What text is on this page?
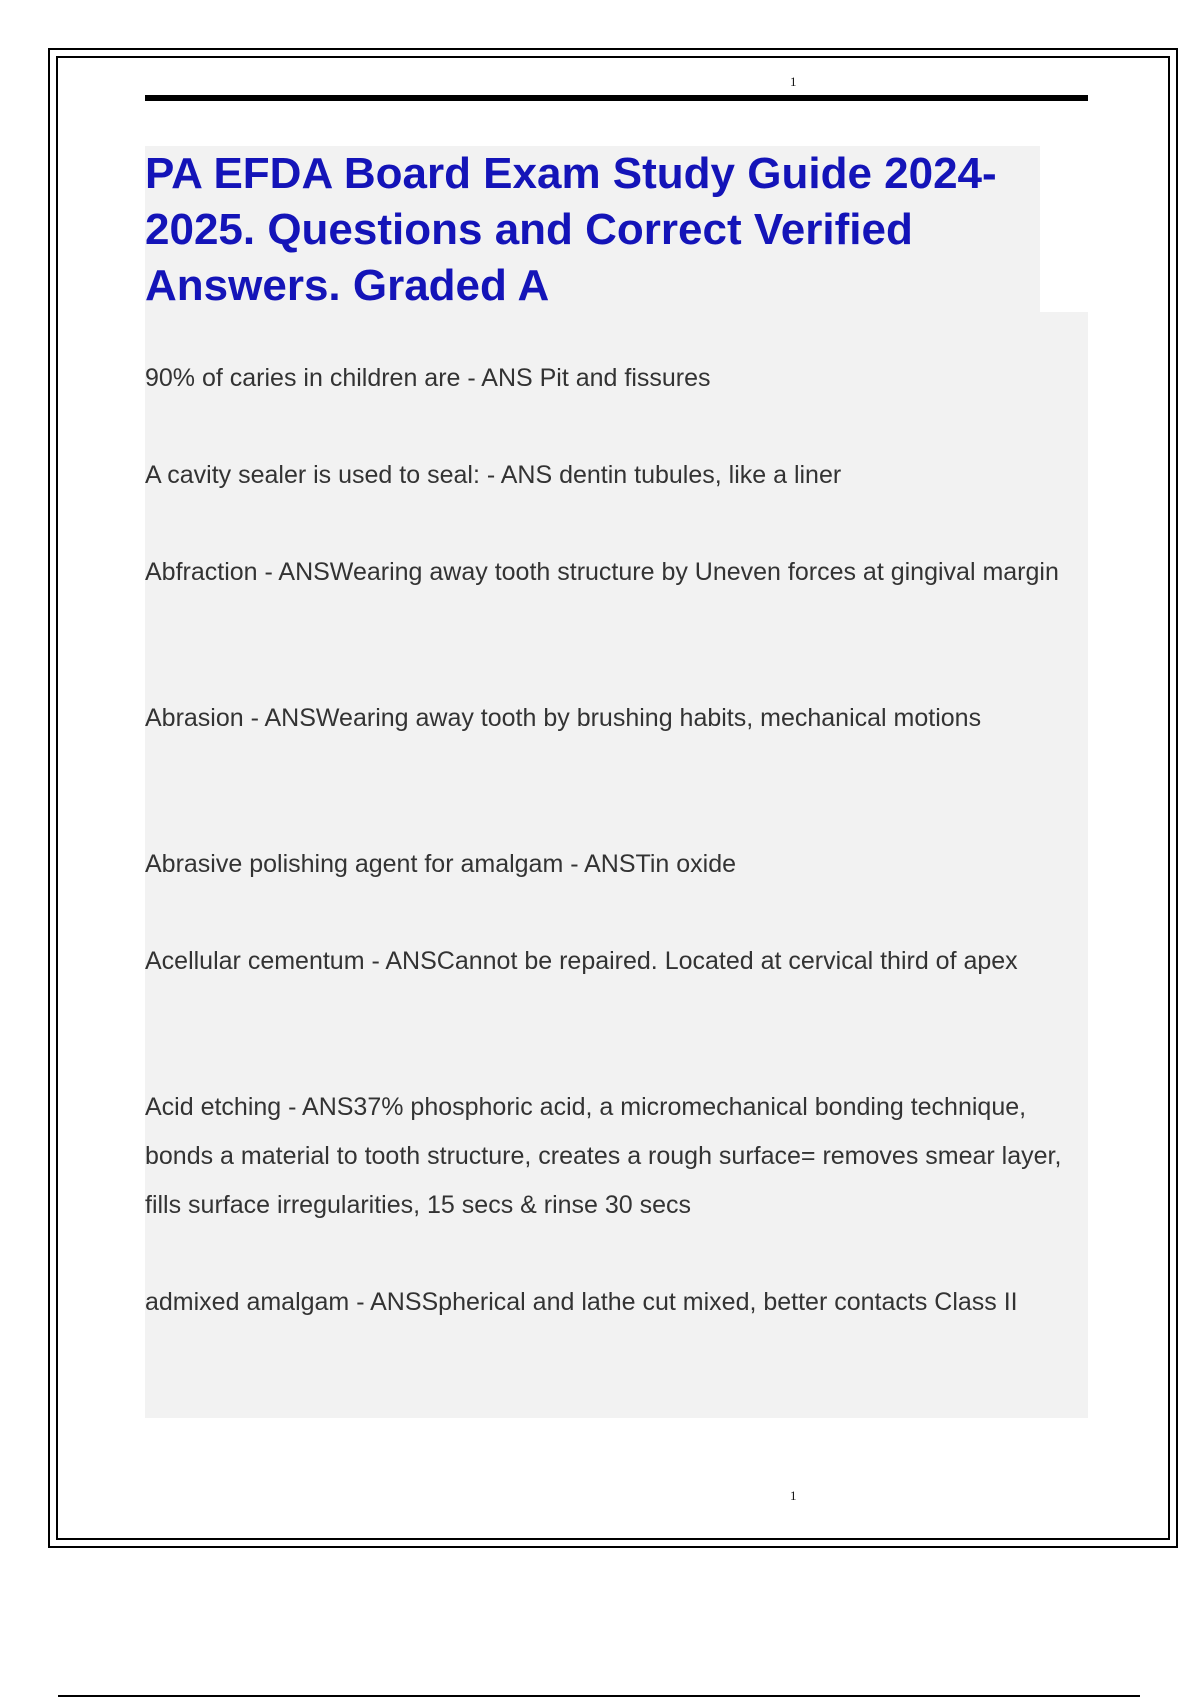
1
PA EFDA Board Exam Study Guide 2024-2025. Questions and Correct Verified Answers. Graded A

90% of caries in children are - ANS Pit and fissures

A cavity sealer is used to seal: - ANS dentin tubules, like a liner

Abfraction - ANSWearing away tooth structure by Uneven forces at gingival margin

Abrasion - ANSWearing away tooth by brushing habits, mechanical motions

Abrasive polishing agent for amalgam - ANSTin oxide

Acellular cementum - ANSCannot be repaired. Located at cervical third of apex

Acid etching - ANS37% phosphoric acid, a micromechanical bonding technique, bonds a material to tooth structure, creates a rough surface= removes smear layer, fills surface irregularities, 15 secs & rinse 30 secs

admixed amalgam - ANSSpherical and lathe cut mixed, better contacts Class II

1
